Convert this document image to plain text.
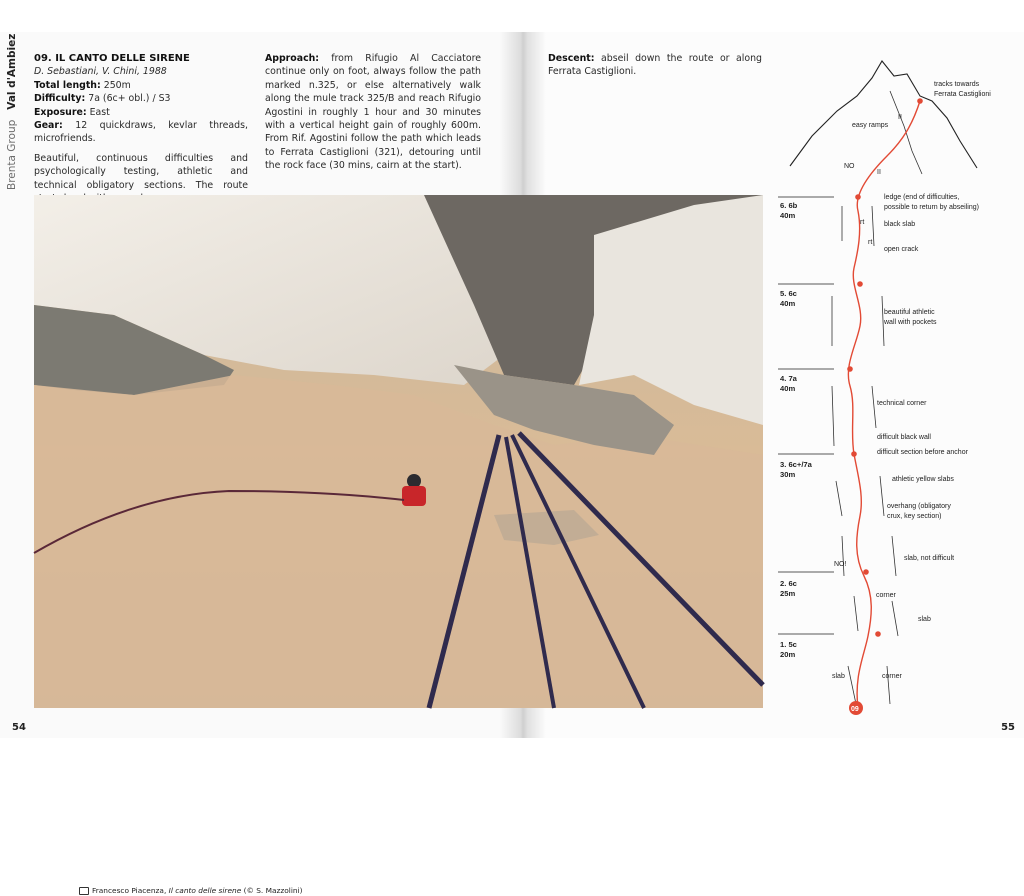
Brenta Group   Val d'Ambiez 09. IL CANTO DELLE SIRENE
D. Sebastiani, V. Chini, 1988
Total length: 250m
Difficulty: 7a (6c+ obl.) / S3
Exposure: East
Gear: 12 quickdraws, kevlar threads, microfriends.
Beautiful, continuous difficulties and psychologically testing, athletic and technical obligatory sections. The route
Approach: from Rifugio Al Cacciatore continue only on foot, always follow the path marked n.325, or else alternatively walk along the mule track 325/B and reach Rifugio Agostini in roughly 1 hour and 30 minutes with a vertical height gain of roughly 600m. From Rif. Agostini follow the path which leads to Ferrata Castiglioni (321), detouring until the rock face (30 mins, cairn at the start).
Descent: abseil down the route or along Ferrata Castiglioni.
Francesco Piacenza, Il canto delle sirene (© S. Mazzolini)
6. 6b
40m
5. 6c
40m
4. 7a
40m
3. 6c+/7a
30m
2. 6c
25m
1. 5c
20m
tracks towards
Ferrata Castiglioni
easy ramps
II
II
NO
ledge (end of difficulties,
possible to return by abseiling)
black slab
open crack
beautiful athletic
wall with pockets
technical corner
difficult black wall
difficult section before anchor
athletic yellow slabs
overhang (obligatory
crux, key section)
slab, not difficult
NO!
corner
slab
slab	corner
rt
rt
09
54	55
